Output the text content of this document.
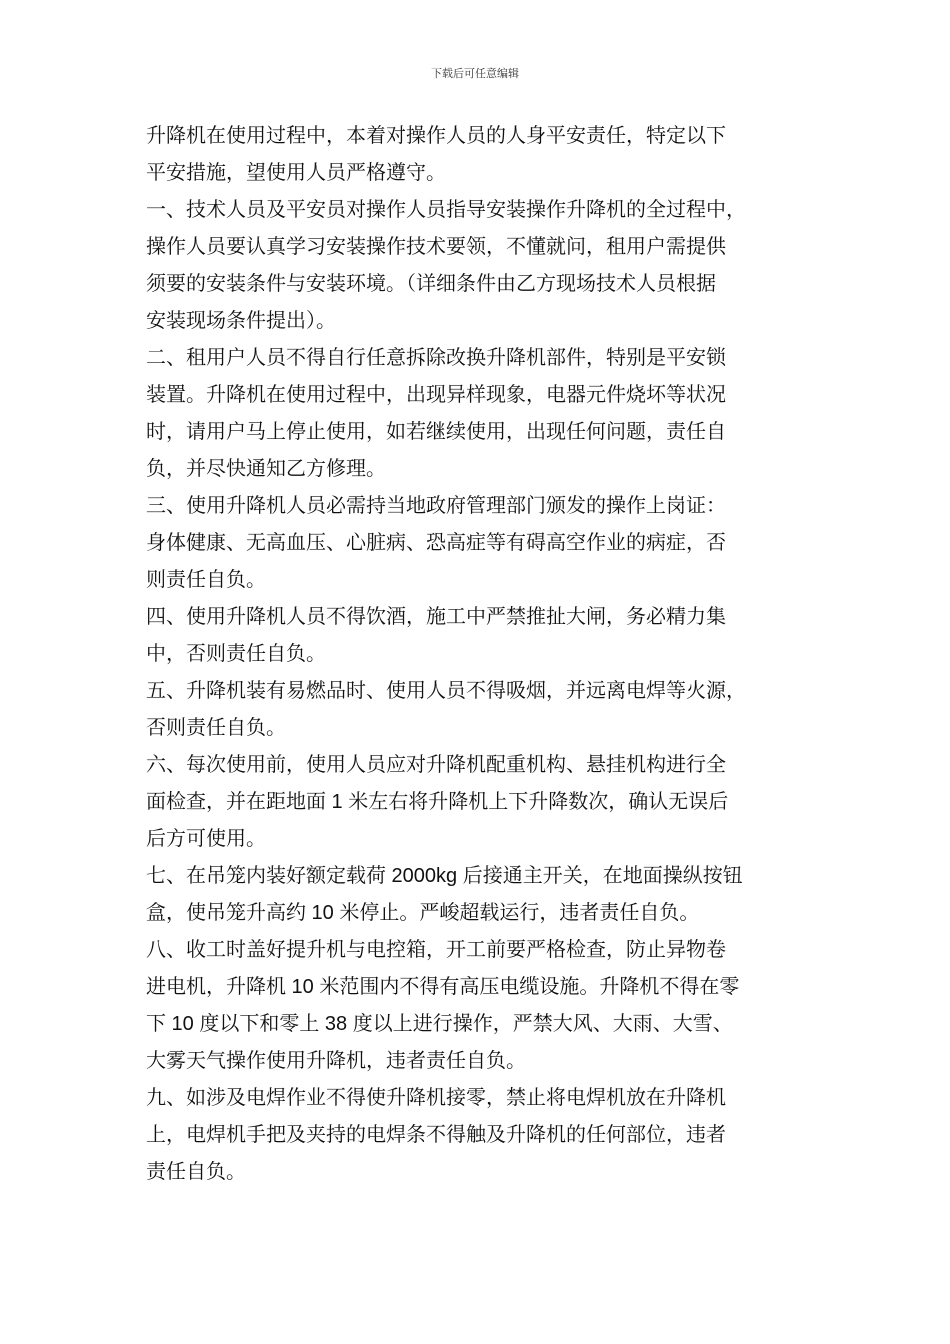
下载后可任意编辑
升降机在使用过程中，本着对操作人员的人身平安责任，特定以下
平安措施，望使用人员严格遵守。
一、技术人员及平安员对操作人员指导安装操作升降机的全过程中，
操作人员要认真学习安装操作技术要领，不懂就问，租用户需提供
须要的安装条件与安装环境。（详细条件由乙方现场技术人员根据
安装现场条件提出）。
二、租用户人员不得自行任意拆除改换升降机部件，特别是平安锁
装置。升降机在使用过程中，出现异样现象，电器元件烧坏等状况
时，请用户马上停止使用，如若继续使用，出现任何问题，责任自
负，并尽快通知乙方修理。
三、使用升降机人员必需持当地政府管理部门颁发的操作上岗证：
身体健康、无高血压、心脏病、恐高症等有碍高空作业的病症，否
则责任自负。
四、使用升降机人员不得饮酒，施工中严禁推扯大闸，务必精力集
中，否则责任自负。
五、升降机装有易燃品时、使用人员不得吸烟，并远离电焊等火源，
否则责任自负。
六、每次使用前，使用人员应对升降机配重机构、悬挂机构进行全
面检查，并在距地面 1 米左右将升降机上下升降数次，确认无误后
后方可使用。
七、在吊笼内装好额定载荷 2000kg 后接通主开关，在地面操纵按钮
盒，使吊笼升高约 10 米停止。严峻超载运行，违者责任自负。
八、收工时盖好提升机与电控箱，开工前要严格检查，防止异物卷
进电机，升降机 10 米范围内不得有高压电缆设施。升降机不得在零
下 10 度以下和零上 38 度以上进行操作，严禁大风、大雨、大雪、
大雾天气操作使用升降机，违者责任自负。
九、如涉及电焊作业不得使升降机接零，禁止将电焊机放在升降机
上，电焊机手把及夹持的电焊条不得触及升降机的任何部位，违者
责任自负。
